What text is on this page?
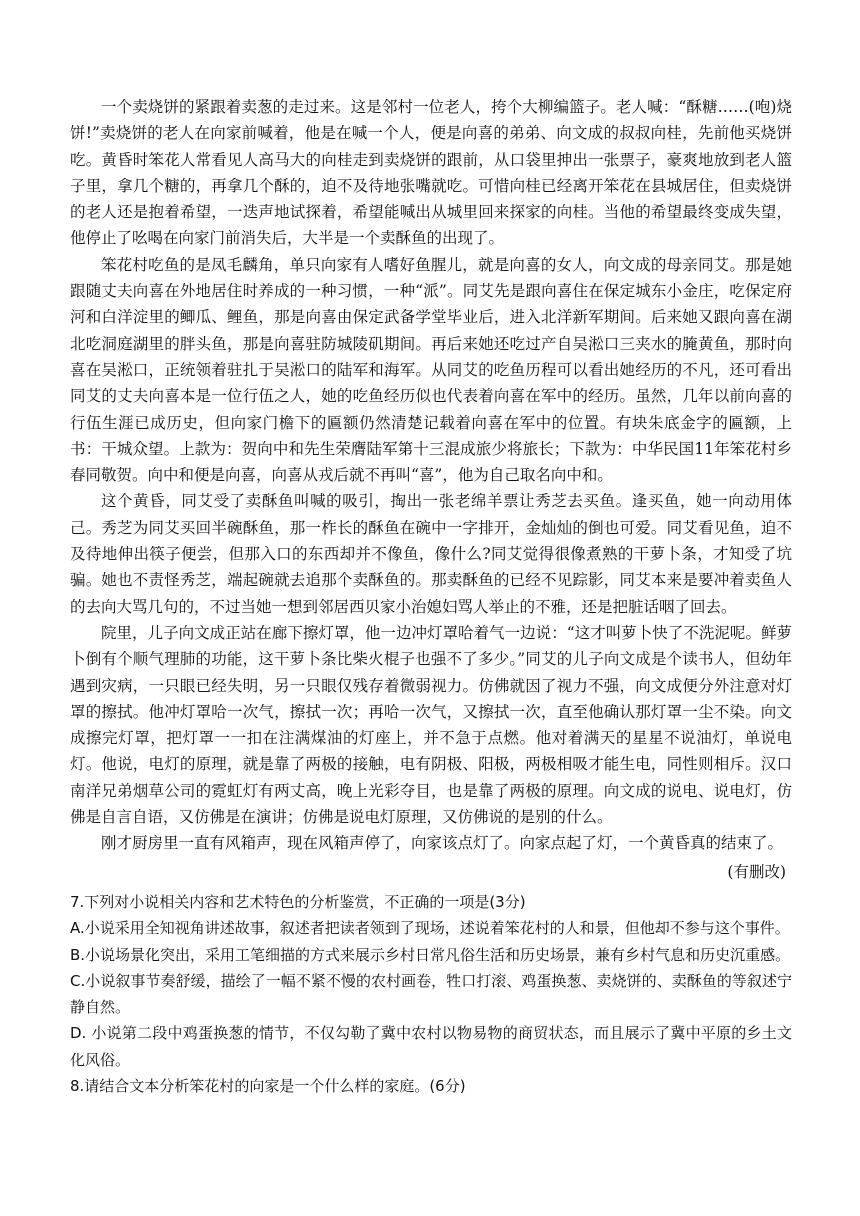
一个卖烧饼的紧跟着卖葱的走过来。这是邻村一位老人，挎个大柳编篮子。老人喊：“酥糖……(咆)烧饼!”卖烧饼的老人在向家前喊着，他是在喊一个人，便是向喜的弟弟、向文成的叔叔向桂，先前他买烧饼吃。黄昏时笨花人常看见人高马大的向桂走到卖烧饼的跟前，从口袋里抻出一张票子，豪爽地放到老人篮子里，拿几个糖的，再拿几个酥的，迫不及待地张嘴就吃。可惜向桂已经离开笨花在县城居住，但卖烧饼的老人还是抱着希望，一迭声地试探着，希望能喊出从城里回来探家的向桂。当他的希望最终变成失望，他停止了吆喝在向家门前消失后，大半是一个卖酥鱼的出现了。

笨花村吃鱼的是凤毛麟角，单只向家有人嗜好鱼腥儿，就是向喜的女人，向文成的母亲同艾。那是她跟随丈夫向喜在外地居住时养成的一种习惯，一种“派”。同艾先是跟向喜住在保定城东小金庄，吃保定府河和白洋淀里的鲫瓜、鲤鱼，那是向喜由保定武备学堂毕业后，进入北洋新军期间。后来她又跟向喜在湖北吃洞庭湖里的胖头鱼，那是向喜驻防城陵矶期间。再后来她还吃过产自吴淞口三夹水的腌黄鱼，那时向喜在吴淞口，正统领着驻扎于吴淞口的陆军和海军。从同艾的吃鱼历程可以看出她经历的不凡，还可看出同艾的丈夫向喜本是一位行伍之人，她的吃鱼经历似也代表着向喜在军中的经历。虽然，几年以前向喜的行伍生涯已成历史，但向家门檐下的匾额仍然清楚记载着向喜在军中的位置。有块朱底金字的匾额，上书：干城众望。上款为：贺向中和先生荣膺陆军第十三混成旅少将旅长；下款为：中华民国11年笨花村乡春同敬贺。向中和便是向喜，向喜从戎后就不再叫“喜”，他为自己取名向中和。

这个黄昏，同艾受了卖酥鱼叫喊的吸引，掏出一张老绵羊票让秀芝去买鱼。逢买鱼，她一向动用体己。秀芝为同艾买回半碗酥鱼，那一柞长的酥鱼在碗中一字排开，金灿灿的倒也可爱。同艾看见鱼，迫不及待地伸出筷子便尝，但那入口的东西却并不像鱼，像什么?同艾觉得很像煮熟的干萝卜条，才知受了坑骗。她也不责怪秀芝，端起碗就去追那个卖酥鱼的。那卖酥鱼的已经不见踪影，同艾本来是要冲着卖鱼人的去向大骂几句的，不过当她一想到邻居西贝家小治媳妇骂人举止的不雅，还是把脏话咽了回去。

院里，儿子向文成正站在廊下擦灯罩，他一边冲灯罩哈着气一边说：“这才叫萝卜快了不洗泥呢。鲜萝卜倒有个顺气理肺的功能，这干萝卜条比柴火棍子也强不了多少。”同艾的儿子向文成是个读书人，但幼年遇到灾病，一只眼已经失明，另一只眼仅残存着微弱视力。仿佛就因了视力不强，向文成便分外注意对灯罩的擦拭。他冲灯罩哈一次气，擦拭一次；再哈一次气，又擦拭一次，直至他确认那灯罩一尘不染。向文成擦完灯罩，把灯罩一一扣在注满煤油的灯座上，并不急于点燃。他对着满天的星星不说油灯，单说电灯。他说，电灯的原理，就是靠了两极的接触，电有阴极、阳极，两极相吸才能生电，同性则相斥。汉口南洋兄弟烟草公司的霓虹灯有两丈高，晚上光彩夺目，也是靠了两极的原理。向文成的说电、说电灯，仿佛是自言自语，又仿佛是在演讲；仿佛是说电灯原理，又仿佛说的是别的什么。

刚才厨房里一直有风箱声，现在风箱声停了，向家该点灯了。向家点起了灯，一个黄昏真的结束了。

(有删改)

7.下列对小说相关内容和艺术特色的分析鉴赏，不正确的一项是(3分)

A.小说采用全知视角讲述故事，叙述者把读者领到了现场，述说着笨花村的人和景，但他却不参与这个事件。

B.小说场景化突出，采用工笔细描的方式来展示乡村日常凡俗生活和历史场景，兼有乡村气息和历史沉重感。

C.小说叙事节奏舒缓，描绘了一幅不紧不慢的农村画卷，牲口打滚、鸡蛋换葱、卖烧饼的、卖酥鱼的等叙述宁静自然。

D. 小说第二段中鸡蛋换葱的情节，不仅勾勒了冀中农村以物易物的商贸状态，而且展示了冀中平原的乡土文化风俗。

8.请结合文本分析笨花村的向家是一个什么样的家庭。(6分)
